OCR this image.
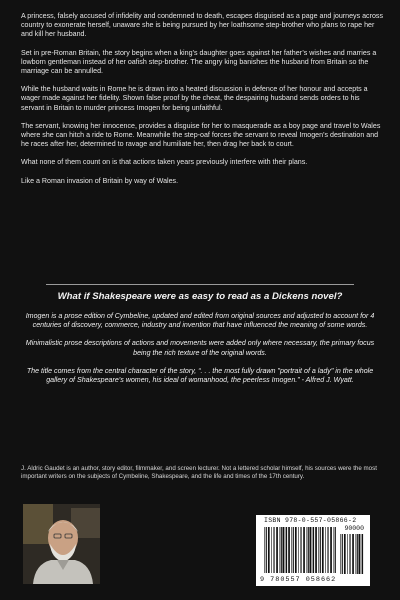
A princess, falsely accused of infidelity and condemned to death, escapes disguised as a page and journeys across country to exonerate herself, unaware she is being pursued by her loathsome step-brother who plans to rape her and kill her husband.

Set in pre-Roman Britain, the story begins when a king’s daughter goes against her father’s wishes and marries a lowborn gentleman instead of her oafish step-brother. The angry king banishes the husband from Britain so the marriage can be annulled.

While the husband waits in Rome he is drawn into a heated discussion in defence of her honour and accepts a wager made against her fidelity. Shown false proof by the cheat, the despairing husband sends orders to his servant in Britain to murder princess Imogen for being unfaithful.

The servant, knowing her innocence, provides a disguise for her to masquerade as a boy page and travel to Wales where she can hitch a ride to Rome. Meanwhile the step-oaf forces the servant to reveal Imogen’s destination and he races after her, determined to ravage and humiliate her, then drag her back to court.

What none of them count on is that actions taken years previously interfere with their plans.

Like a Roman invasion of Britain by way of Wales.

What if Shakespeare were as easy to read as a Dickens novel?

Imogen is a prose edition of Cymbeline, updated and edited from original sources and adjusted to account for 4 centuries of discovery, commerce, industry and invention that have influenced the meaning of some words.

Minimalistic prose descriptions of actions and movements were added only where necessary, the primary focus being the rich texture of the original words.

The title comes from the central character of the story, “. . . the most fully drawn "portrait of a lady" in the whole gallery of Shakespeare’s women, his ideal of womanhood, the peerless Imogen.” - Alfred J. Wyatt.

J. Aldric Gaudet is an author, story editor, filmmaker, and screen lecturer. Not a lettered scholar himself, his sources were the most important writers on the subjects of Cymbeline, Shakespeare, and the life and times of the 17th century.
ISBN 978-0-557-05866-2
90000
9 780557 058662
